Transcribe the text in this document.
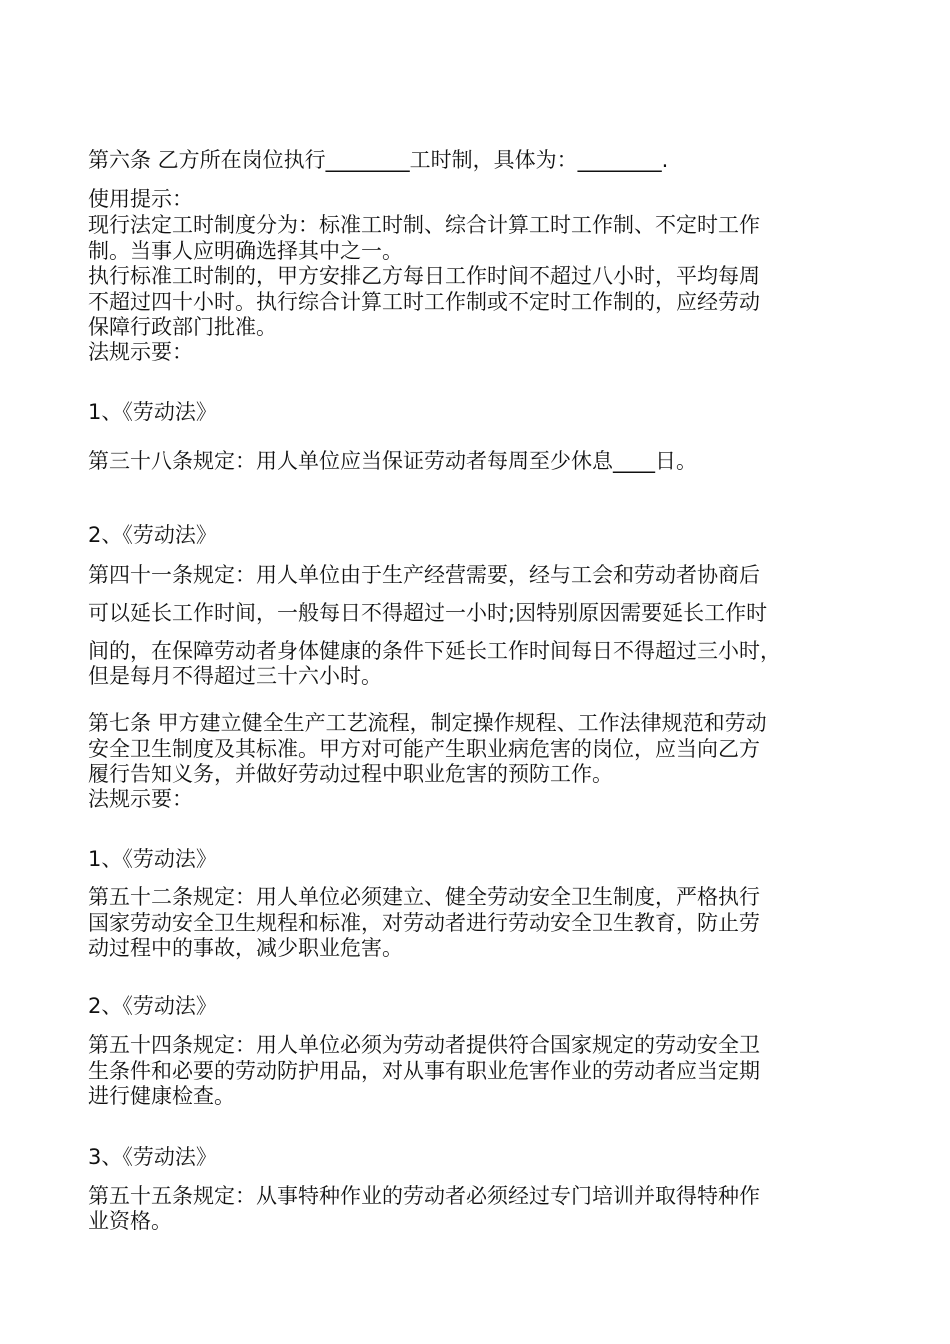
第六条 乙方所在岗位执行________工时制，具体为：________.
使用提示：
现行法定工时制度分为：标准工时制、综合计算工时工作制、不定时工作
制。当事人应明确选择其中之一。
执行标准工时制的，甲方安排乙方每日工作时间不超过八小时，平均每周
不超过四十小时。执行综合计算工时工作制或不定时工作制的，应经劳动
保障行政部门批准。
法规示要：
1、《劳动法》
第三十八条规定：用人单位应当保证劳动者每周至少休息____日。
2、《劳动法》
第四十一条规定：用人单位由于生产经营需要，经与工会和劳动者协商后
可以延长工作时间，一般每日不得超过一小时;因特别原因需要延长工作时
间的，在保障劳动者身体健康的条件下延长工作时间每日不得超过三小时，
但是每月不得超过三十六小时。
第七条 甲方建立健全生产工艺流程，制定操作规程、工作法律规范和劳动
安全卫生制度及其标准。甲方对可能产生职业病危害的岗位，应当向乙方
履行告知义务，并做好劳动过程中职业危害的预防工作。
法规示要：
1、《劳动法》
第五十二条规定：用人单位必须建立、健全劳动安全卫生制度，严格执行
国家劳动安全卫生规程和标准，对劳动者进行劳动安全卫生教育，防止劳
动过程中的事故，减少职业危害。
2、《劳动法》
第五十四条规定：用人单位必须为劳动者提供符合国家规定的劳动安全卫
生条件和必要的劳动防护用品，对从事有职业危害作业的劳动者应当定期
进行健康检查。
3、《劳动法》
第五十五条规定：从事特种作业的劳动者必须经过专门培训并取得特种作
业资格。
